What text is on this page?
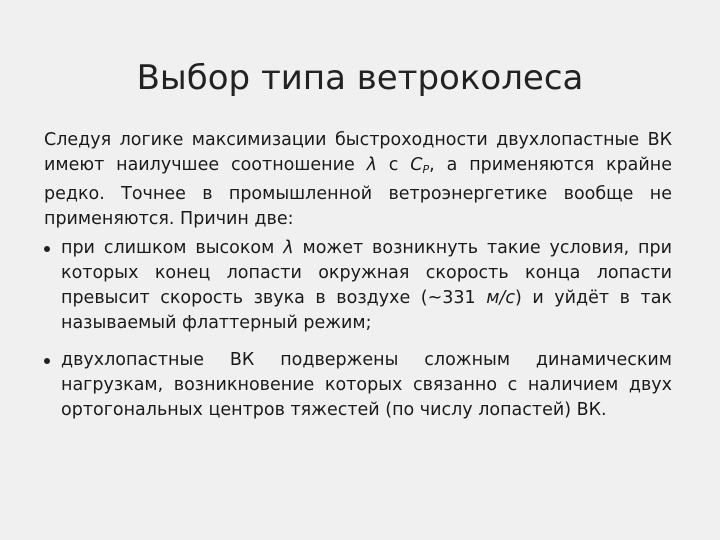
Выбор типа ветроколеса

Следуя логике максимизации быстроходности двухлопастные ВК имеют наилучшее соотношение λ с $C_P$, а применяются крайне редко. Точнее в промышленной ветроэнергетике вообще не применяются. Причин две:

при слишком высоком λ может возникнуть такие условия, при которых конец лопасти окружная скорость конца лопасти превысит скорость звука в воздухе (~331 м/с) и уйдёт в так называемый флаттерный режим;
двухлопастные ВК подвержены сложным динамическим нагрузкам, возникновение которых связанно с наличием двух ортогональных центров тяжестей (по числу лопастей) ВК.
